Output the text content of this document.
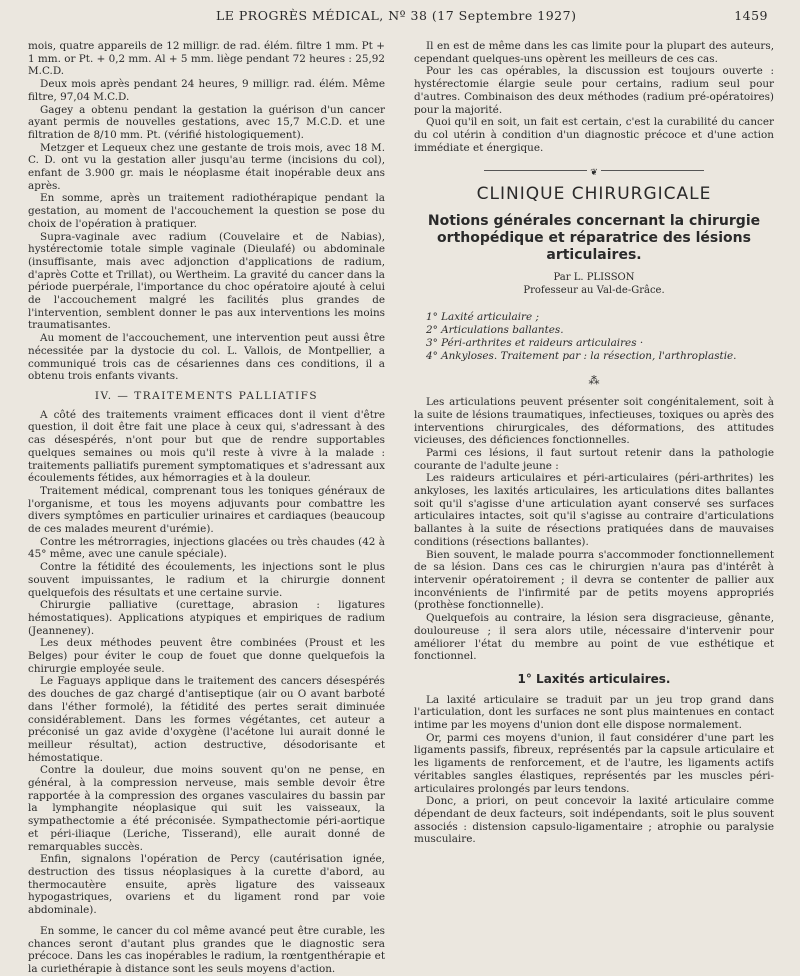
LE PROGRÈS MÉDICAL, Nº 38 (17 Septembre 1927)	1459

mois, quatre appareils de 12 milligr. de rad. élém. filtre 1 mm. Pt + 1 mm. or Pt. + 0,2 mm. Al + 5 mm. liège pendant 72 heures : 25,92 M.C.D.

Deux mois après pendant 24 heures, 9 milligr. rad. élém. Même filtre, 97,04 M.C.D.

Gagey a obtenu pendant la gestation la guérison d'un cancer ayant permis de nouvelles gestations, avec 15,7 M.C.D. et une filtration de 8/10 mm. Pt. (vérifié histologiquement).

Metzger et Lequeux chez une gestante de trois mois, avec 18 M. C. D. ont vu la gestation aller jusqu'au terme (incisions du col), enfant de 3.900 gr. mais le néoplasme était inopérable deux ans après.

En somme, après un traitement radiothérapique pendant la gestation, au moment de l'accouchement la question se pose du choix de l'opération à pratiquer.

Supra-vaginale avec radium (Couvelaire et de Nabias), hystérectomie totale simple vaginale (Dieulafé) ou abdominale (insuffisante, mais avec adjonction d'applications de radium, d'après Cotte et Trillat), ou Wertheim. La gravité du cancer dans la période puerpérale, l'importance du choc opératoire ajouté à celui de l'accouchement malgré les facilités plus grandes de l'intervention, semblent donner le pas aux interventions les moins traumatisantes.

Au moment de l'accouchement, une intervention peut aussi être nécessitée par la dystocie du col. L. Vallois, de Montpellier, a communiqué trois cas de césariennes dans ces conditions, il a obtenu trois enfants vivants.

IV. — TRAITEMENTS PALLIATIFS

A côté des traitements vraiment efficaces dont il vient d'être question, il doit être fait une place à ceux qui, s'adressant à des cas désespérés, n'ont pour but que de rendre supportables quelques semaines ou mois qu'il reste à vivre à la malade : traitements palliatifs purement symptomatiques et s'adressant aux écoulements fétides, aux hémorragies et à la douleur.

Traitement médical, comprenant tous les toniques généraux de l'organisme, et tous les moyens adjuvants pour combattre les divers symptômes en particulier urinaires et cardiaques (beaucoup de ces malades meurent d'urémie).

Contre les métrorragies, injections glacées ou très chaudes (42 à 45° même, avec une canule spéciale).

Contre la fétidité des écoulements, les injections sont le plus souvent impuissantes, le radium et la chirurgie donnent quelquefois des résultats et une certaine survie.

Chirurgie palliative (curettage, abrasion : ligatures hémostatiques). Applications atypiques et empiriques de radium (Jeanneney).

Les deux méthodes peuvent être combinées (Proust et les Belges) pour éviter le coup de fouet que donne quelquefois la chirurgie employée seule.

Le Faguays applique dans le traitement des cancers désespérés des douches de gaz chargé d'antiseptique (air ou O avant barboté dans l'éther formolé), la fétidité des pertes serait diminuée considérablement. Dans les formes végétantes, cet auteur a préconisé un gaz avide d'oxygène (l'acétone lui aurait donné le meilleur résultat), action destructive, désodorisante et hémostatique.

Contre la douleur, due moins souvent qu'on ne pense, en général, à la compression nerveuse, mais semble devoir être rapportée à la compression des organes vasculaires du bassin par la lymphangite néoplasique qui suit les vaisseaux, la sympathectomie a été préconisée. Sympathectomie péri-aortique et péri-iliaque (Leriche, Tisserand), elle aurait donné de remarquables succès.

Enfin, signalons l'opération de Percy (cautérisation ignée, destruction des tissus néoplasiques à la curette d'abord, au thermocautère ensuite, après ligature des vaisseaux hypogastriques, ovariens et du ligament rond par voie abdominale).

En somme, le cancer du col même avancé peut être curable, les chances seront d'autant plus grandes que le diagnostic sera précoce. Dans les cas inopérables le radium, la rœntgenthérapie et la curiethérapie à distance sont les seuls moyens d'action.

Il en est de même dans les cas limite pour la plupart des auteurs, cependant quelques-uns opèrent les meilleurs de ces cas.

Pour les cas opérables, la discussion est toujours ouverte : hystérectomie élargie seule pour certains, radium seul pour d'autres. Combinaison des deux méthodes (radium pré-opératoires) pour la majorité.

Quoi qu'il en soit, un fait est certain, c'est la curabilité du cancer du col utérin à condition d'un diagnostic précoce et d'une action immédiate et énergique.

❦
CLINIQUE CHIRURGICALE
Notions générales concernant la chirurgie orthopédique et réparatrice des lésions articulaires.
Par L. PLISSON
Professeur au Val-de-Grâce.
1° Laxité articulaire ;
2° Articulations ballantes.
3° Péri-arthrites et raideurs articulaires ·
4° Ankyloses. Traitement par : la résection, l'arthroplastie.
⁂

Les articulations peuvent présenter soit congénitalement, soit à la suite de lésions traumatiques, infectieuses, toxiques ou après des interventions chirurgicales, des déformations, des attitudes vicieuses, des déficiences fonctionnelles.

Parmi ces lésions, il faut surtout retenir dans la pathologie courante de l'adulte jeune :

Les raideurs articulaires et péri-articulaires (péri-arthrites) les ankyloses, les laxités articulaires, les articulations dites ballantes soit qu'il s'agisse d'une articulation ayant conservé ses surfaces articulaires intactes, soit qu'il s'agisse au contraire d'articulations ballantes à la suite de résections pratiquées dans de mauvaises conditions (résections ballantes).

Bien souvent, le malade pourra s'accommoder fonctionnellement de sa lésion. Dans ces cas le chirurgien n'aura pas d'intérêt à intervenir opératoirement ; il devra se contenter de pallier aux inconvénients de l'infirmité par de petits moyens appropriés (prothèse fonctionnelle).

Quelquefois au contraire, la lésion sera disgracieuse, gênante, douloureuse ; il sera alors utile, nécessaire d'intervenir pour améliorer l'état du membre au point de vue esthétique et fonctionnel.

1° Laxités articulaires.

La laxité articulaire se traduit par un jeu trop grand dans l'articulation, dont les surfaces ne sont plus maintenues en contact intime par les moyens d'union dont elle dispose normalement.

Or, parmi ces moyens d'union, il faut considérer d'une part les ligaments passifs, fibreux, représentés par la capsule articulaire et les ligaments de renforcement, et de l'autre, les ligaments actifs véritables sangles élastiques, représentés par les muscles péri-articulaires prolongés par leurs tendons.

Donc, a priori, on peut concevoir la laxité articulaire comme dépendant de deux facteurs, soit indépendants, soit le plus souvent associés : distension capsulo-ligamentaire ; atrophie ou paralysie musculaire.
